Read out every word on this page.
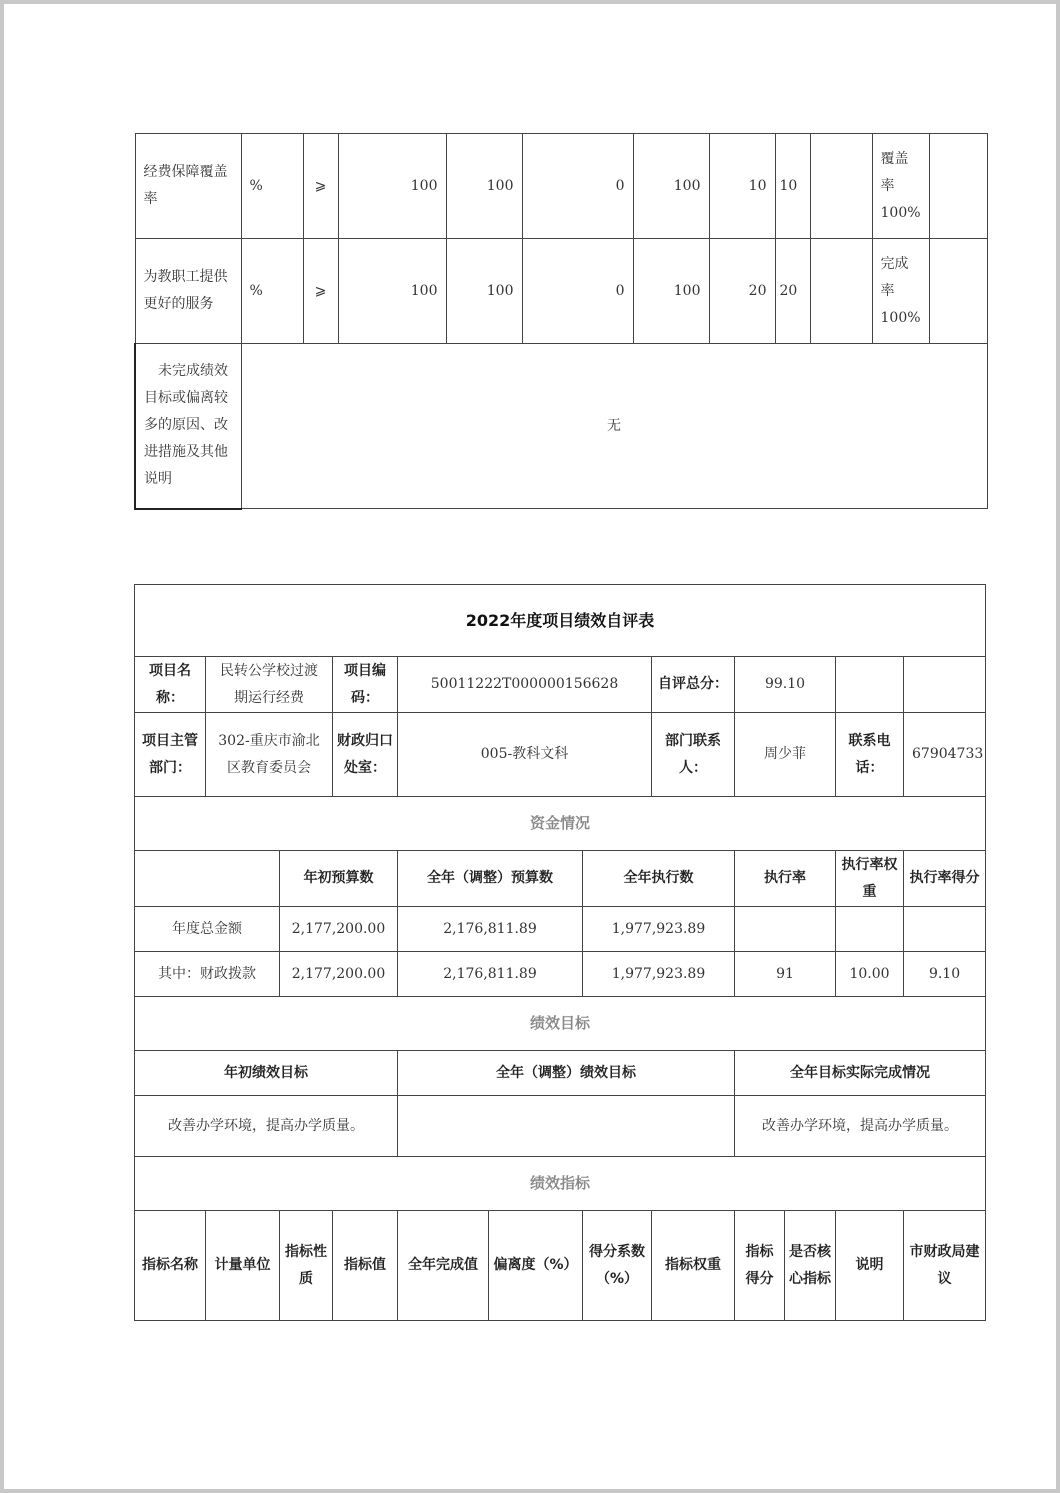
经费保障覆盖率	%	⩾	100	100	0	100	10	10		覆盖率100%	
为教职工提供更好的服务	%	⩾	100	100	0	100	20	20		完成率100%	
未完成绩效目标或偏离较多的原因、改进措施及其他说明	无										
2022年度项目绩效自评表											
项目名称：	民转公学校过渡期运行经费		项目编码：	50011222T000000156628			自评总分：	99.10			
项目主管部门：	302-重庆市渝北区教育委员会		财政归口处室：	005-教科文科			部门联系人：	周少菲		联系电话：	67904733
资金情况											
		年初预算数		全年（调整）预算数		全年执行数		执行率		执行率权重	执行率得分
年度总金额		2,177,200.00		2,176,811.89		1,977,923.89					
其中：财政拨款		2,177,200.00		2,176,811.89		1,977,923.89		91		10.00	9.10
绩效目标											
年初绩效目标				全年（调整）绩效目标				全年目标实际完成情况			
改善办学环境，提高办学质量。								改善办学环境，提高办学质量。			
绩效指标											
指标名称	计量单位	指标性质	指标值	全年完成值	偏离度（%）	得分系数（%）	指标权重	指标得分	是否核心指标	说明	市财政局建议
